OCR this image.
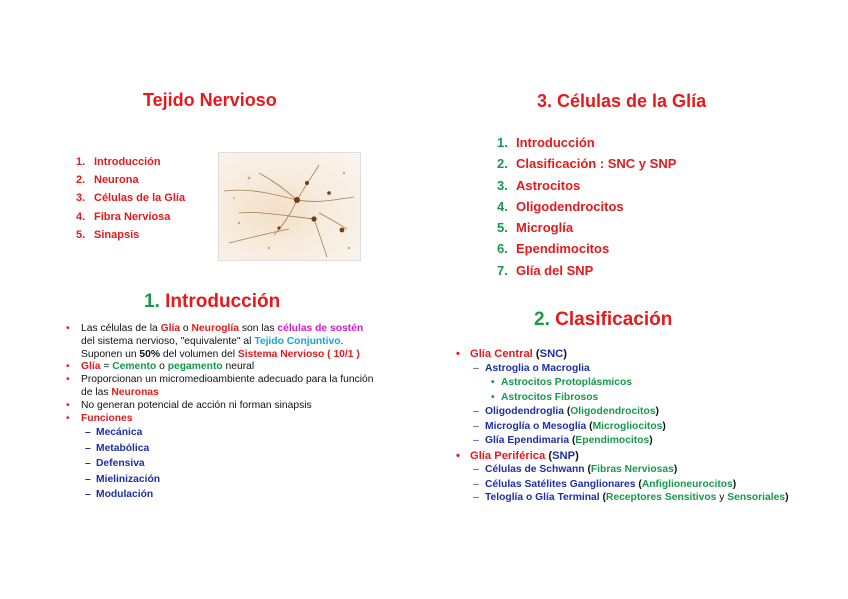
Tejido Nervioso
1. Introducción
2. Neurona
3. Células de la Glía
4. Fibra Nerviosa
5. Sinapsis
3. Células de la Glía
1. Introducción
2. Clasificación : SNC y SNP
3. Astrocitos
4. Oligodendrocitos
5. Microglía
6. Ependimocitos
7. Glía del SNP
1. Introducción
• Las células de la Glía o Neuroglía son las células de sostén del sistema nervioso, "equivalente" al Tejido Conjuntivo. Suponen un 50% del volumen del Sistema Nervioso ( 10/1 )
• Glía = Cemento o pegamento neural
• Proporcionan un micromedioambiente adecuado para la función de las Neuronas
• No generan potencial de acción ni forman sinapsis
• Funciones
– Mecánica
– Metabólica
– Defensiva
– Mielinización
– Modulación
2. Clasificación
• Glía Central (SNC)
– Astroglia o Macroglia
• Astrocitos Protoplásmicos
• Astrocitos Fibrosos
– Oligodendroglia (Oligodendrocitos)
– Microglía o Mesoglía (Microgliocitos)
– Glía Ependimaria (Ependimocitos)
• Glía Periférica (SNP)
– Células de Schwann (Fibras Nerviosas)
– Células Satélites Ganglionares (Anfiglioneurocitos)
– Teloglía o Glía Terminal (Receptores Sensitivos y Sensoriales)
